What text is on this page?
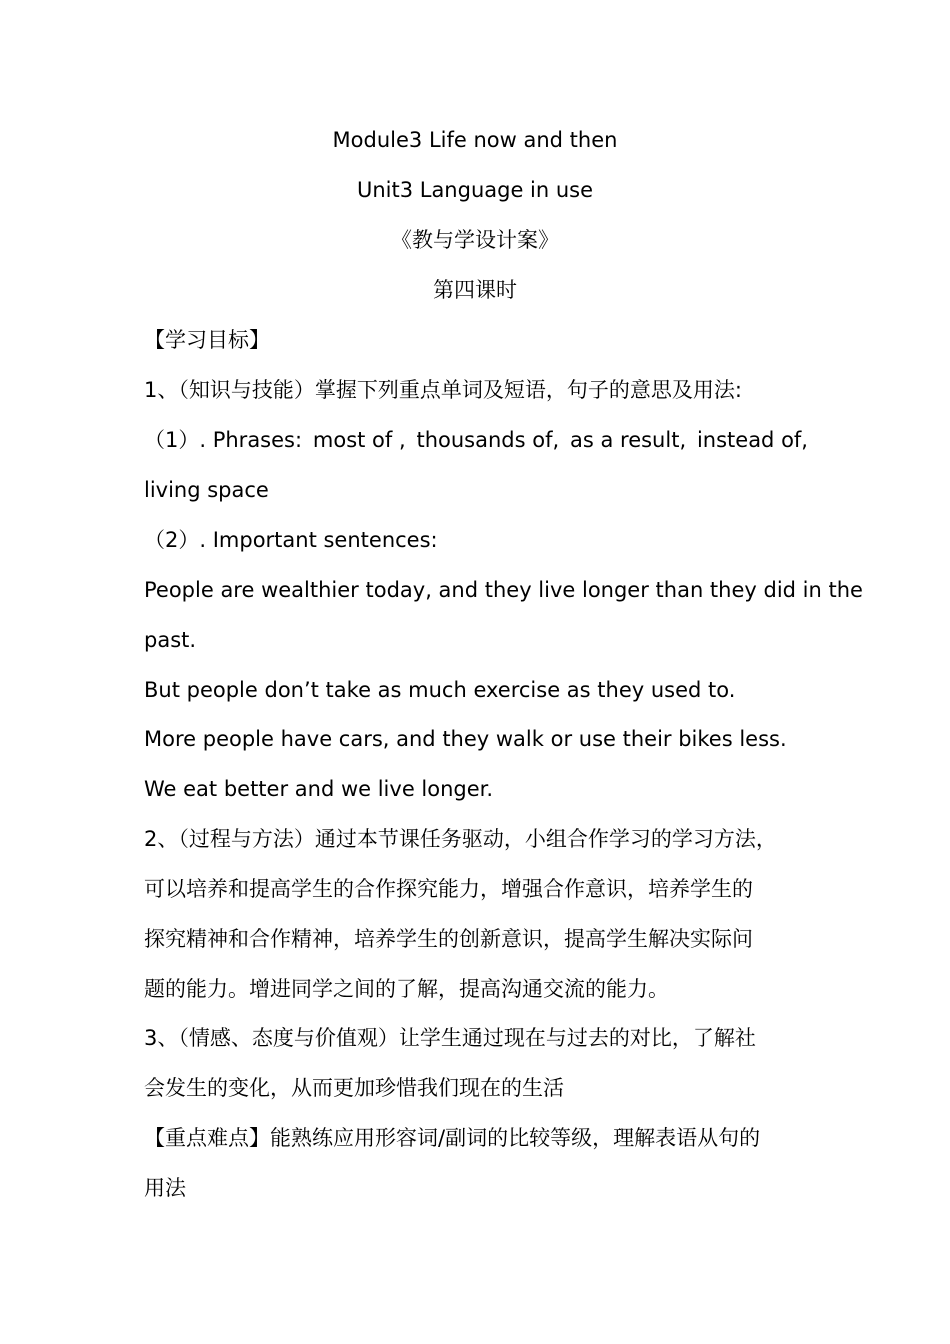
Module3 Life now and then
Unit3 Language in use
《教与学设计案》
第四课时
【学习目标】
1、（知识与技能）掌握下列重点单词及短语，句子的意思及用法:
（1）. Phrases: most of , thousands of, as a result, instead of,
living space
（2）. Important sentences:
People are wealthier today, and they live longer than they did in the
past.
But people don’t take as much exercise as they used to.
More people have cars, and they walk or use their bikes less.
We eat better and we live longer.
2、（过程与方法）通过本节课任务驱动，小组合作学习的学习方法，
可以培养和提高学生的合作探究能力，增强合作意识，培养学生的
探究精神和合作精神，培养学生的创新意识，提高学生解决实际问
题的能力。增进同学之间的了解，提高沟通交流的能力。
3、（情感、态度与价值观）让学生通过现在与过去的对比，了解社
会发生的变化，从而更加珍惜我们现在的生活
【重点难点】能熟练应用形容词/副词的比较等级，理解表语从句的
用法
